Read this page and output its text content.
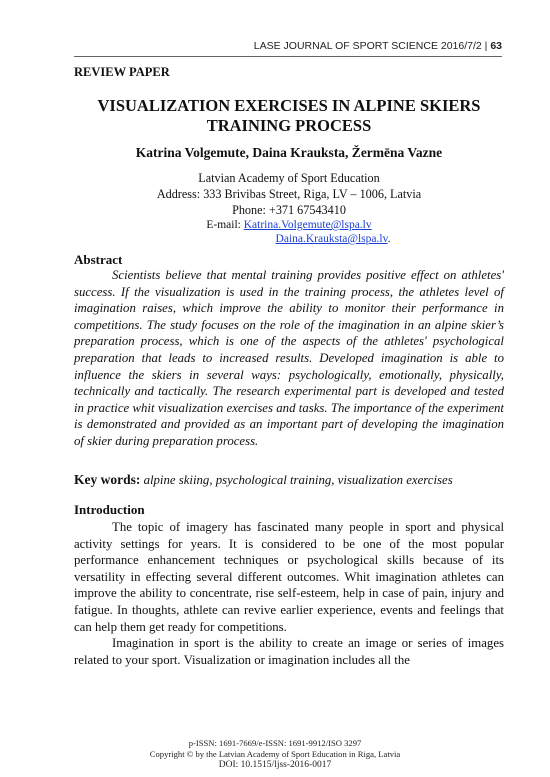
LASE JOURNAL OF SPORT SCIENCE 2016/7/2 | 63
REVIEW PAPER
VISUALIZATION EXERCISES IN ALPINE SKIERS
TRAINING PROCESS
Katrina Volgemute, Daina Krauksta, Žermēna Vazne
Latvian Academy of Sport Education
Address: 333 Brivibas Street, Riga, LV – 1006, Latvia
Phone: +371 67543410
E-mail: Katrina.Volgemute@lspa.lv
Daina.Krauksta@lspa.lv.
Abstract

Scientists believe that mental training provides positive effect on athletes' success. If the visualization is used in the training process, the athletes level of imagination raises, which improve the ability to monitor their performance in competitions. The study focuses on the role of the imagination in an alpine skier’s preparation process, which is one of the aspects of the athletes' psychological preparation that leads to increased results. Developed imagination is able to influence the skiers in several ways: psychologically, emotionally, physically, technically and tactically. The research experimental part is developed and tested in practice whit visualization exercises and tasks. The importance of the experiment is demonstrated and provided as an important part of developing the imagination of skier during preparation process.

Key words: alpine skiing, psychological training, visualization exercises
Introduction

The topic of imagery has fascinated many people in sport and physical activity settings for years. It is considered to be one of the most popular performance enhancement techniques or psychological skills because of its versatility in effecting several different outcomes. Whit imagination athletes can improve the ability to concentrate, rise self-esteem, help in case of pain, injury and fatigue. In thoughts, athlete can revive earlier experience, events and feelings that can help them get ready for competitions.

Imagination in sport is the ability to create an image or series of images related to your sport. Visualization or imagination includes all the

p-ISSN: 1691-7669/e-ISSN: 1691-9912/ISO 3297
Copyright © by the Latvian Academy of Sport Education in Riga, Latvia
DOI: 10.1515/ljss-2016-0017
